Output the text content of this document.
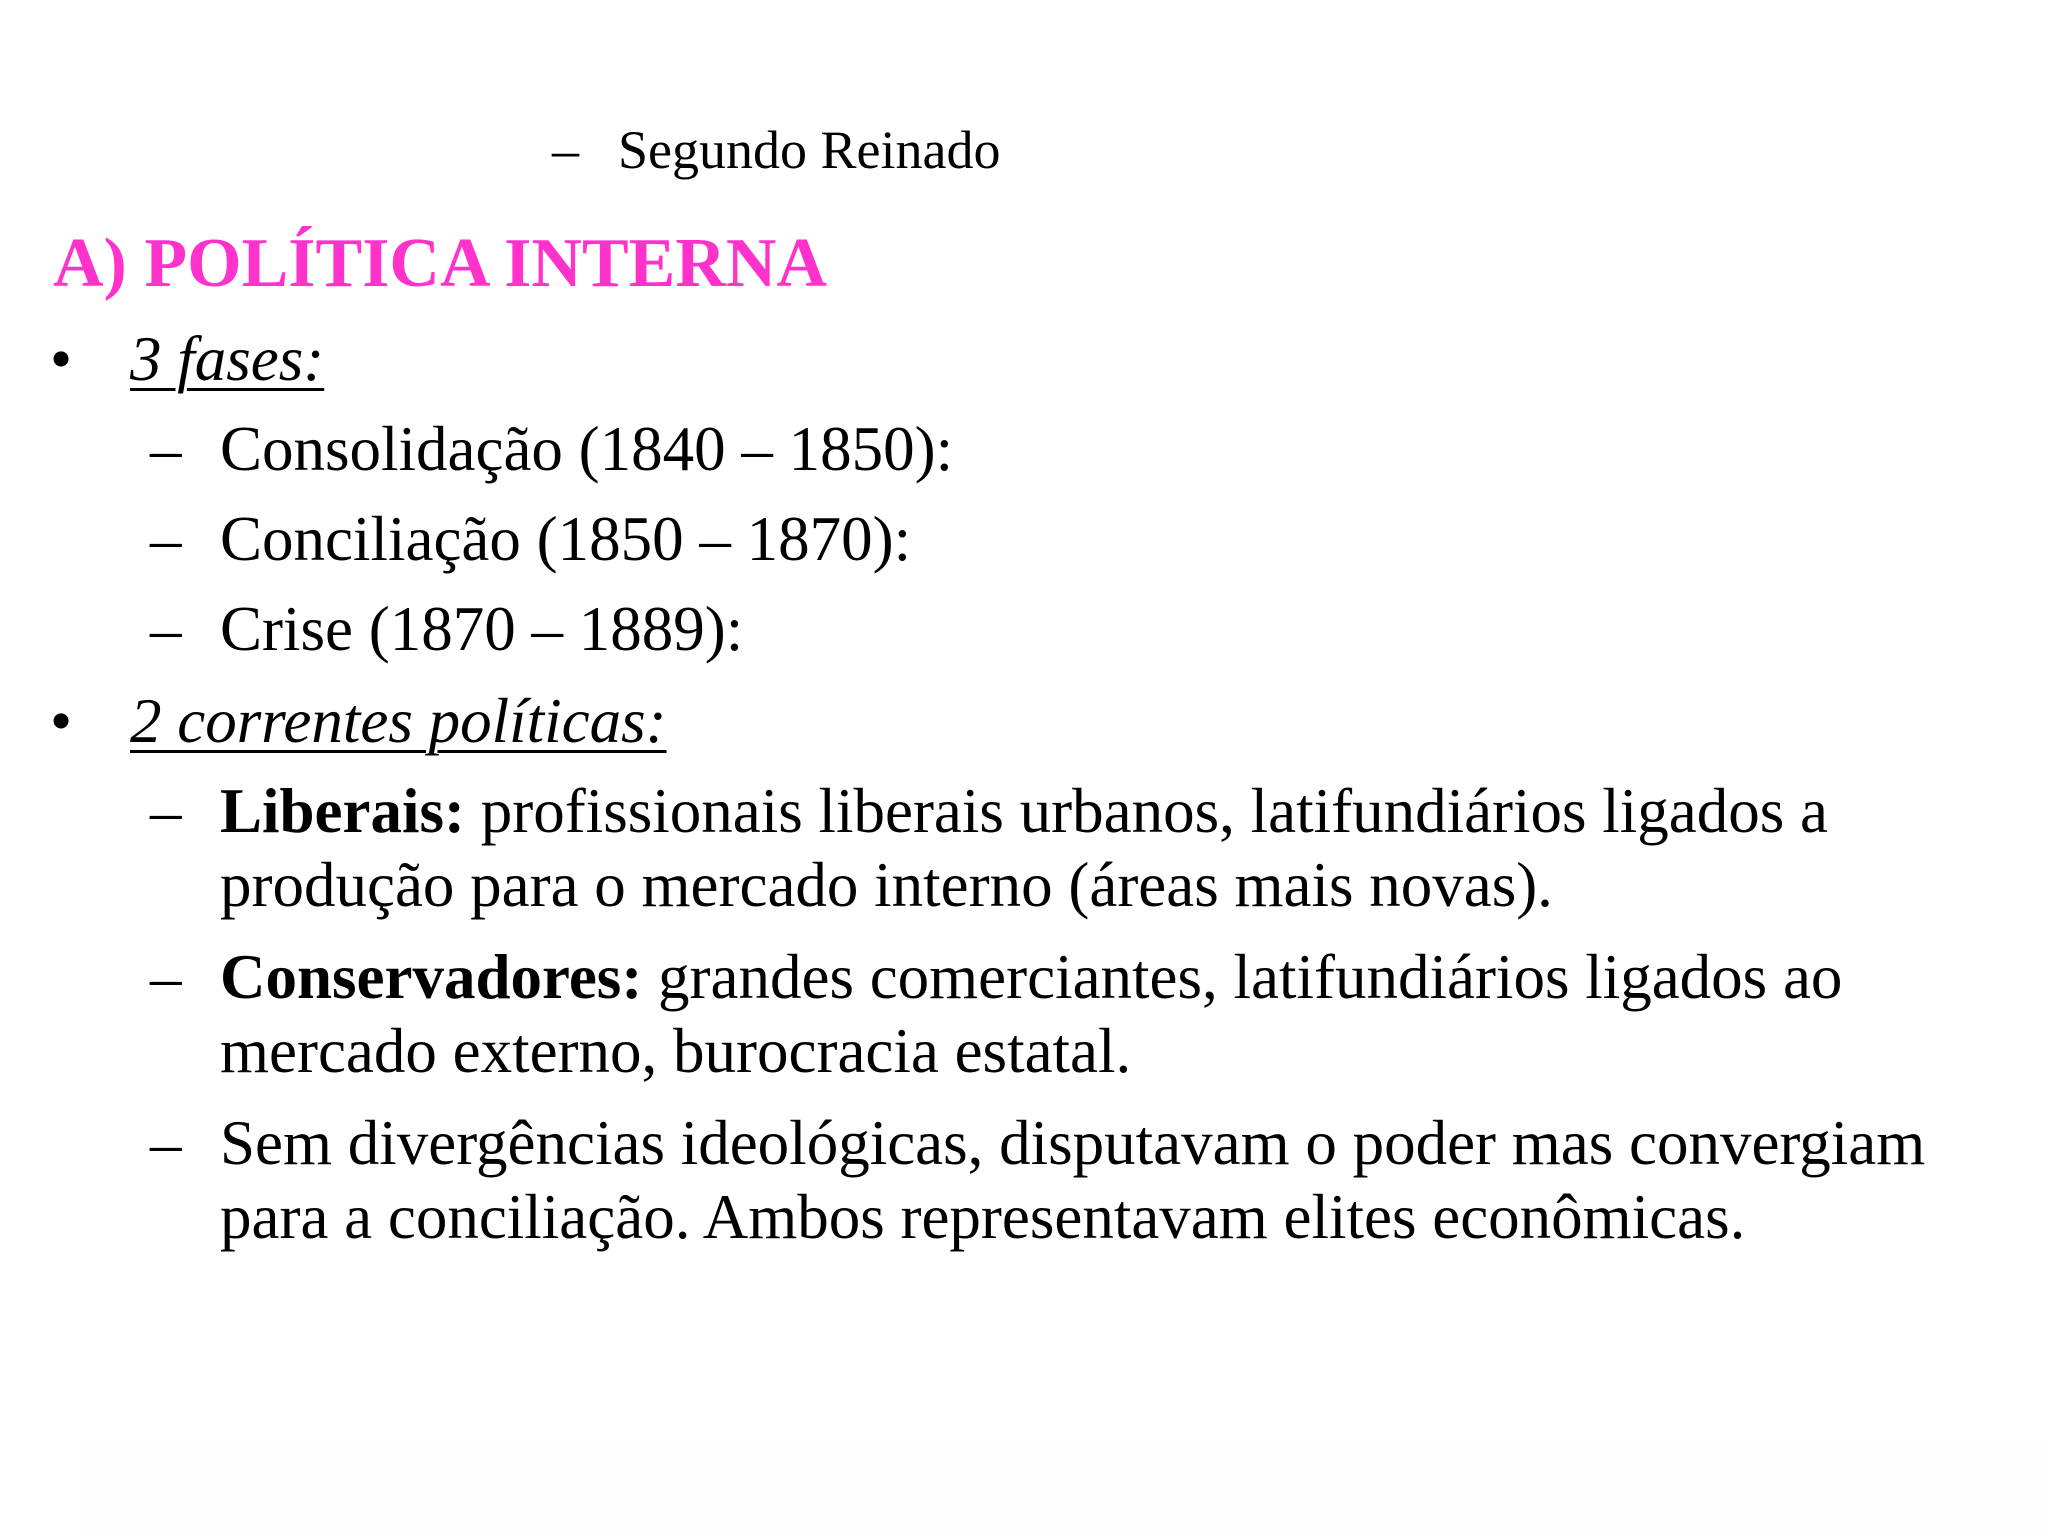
– Segundo Reinado
A) POLÍTICA INTERNA
• 3 fases:
– Consolidação (1840 – 1850):
– Conciliação (1850 – 1870):
– Crise (1870 – 1889):
• 2 correntes políticas:
– Liberais: profissionais liberais urbanos, latifundiários ligados a produção para o mercado interno (áreas mais novas).
– Conservadores: grandes comerciantes, latifundiários ligados ao mercado externo, burocracia estatal.
– Sem divergências ideológicas, disputavam o poder mas convergiam para a conciliação. Ambos representavam elites econômicas.
